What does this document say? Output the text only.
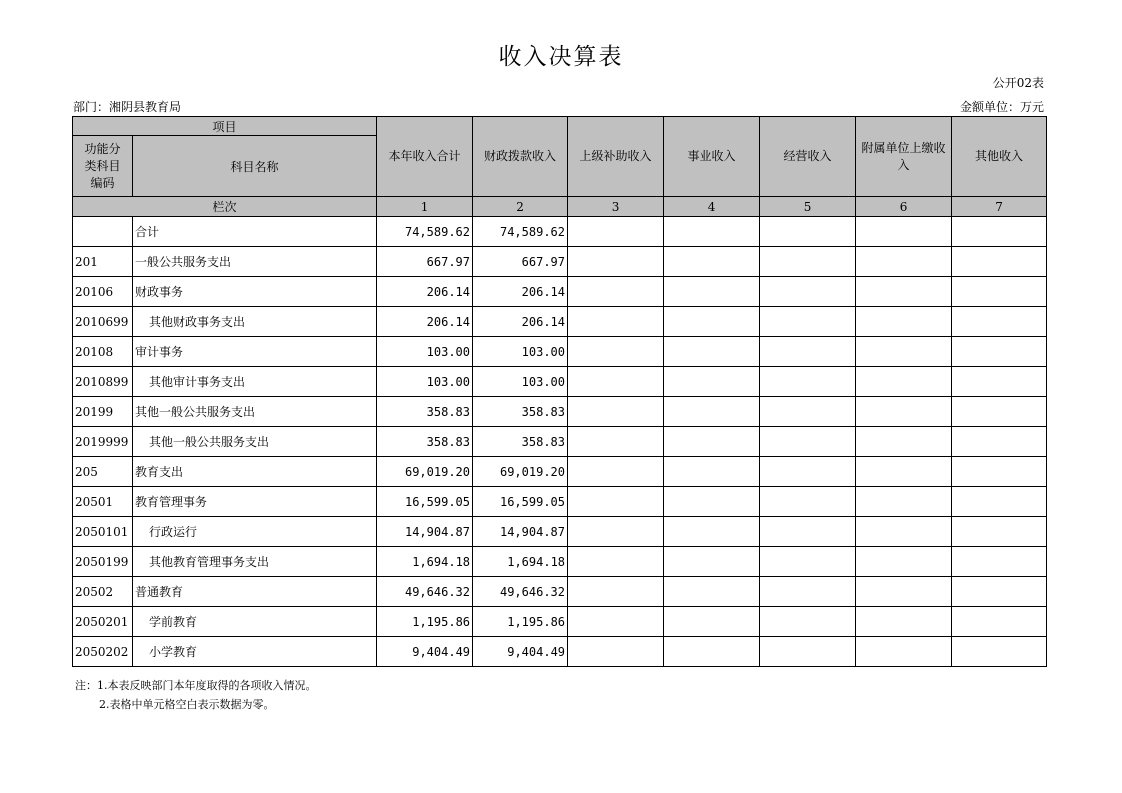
收入决算表
公开02表
部门：湘阴县教育局	金额单位：万元
项目		本年收入合计	财政拨款收入	上级补助收入	事业收入	经营收入	附属单位上缴收入	其他收入
功能分类科目编码	科目名称							
栏次		1	2	3	4	5	6	7
	合计	74,589.62	74,589.62					
201	一般公共服务支出	667.97	667.97					
20106	财政事务	206.14	206.14					
2010699	其他财政事务支出	206.14	206.14					
20108	审计事务	103.00	103.00					
2010899	其他审计事务支出	103.00	103.00					
20199	其他一般公共服务支出	358.83	358.83					
2019999	其他一般公共服务支出	358.83	358.83					
205	教育支出	69,019.20	69,019.20					
20501	教育管理事务	16,599.05	16,599.05					
2050101	行政运行	14,904.87	14,904.87					
2050199	其他教育管理事务支出	1,694.18	1,694.18					
20502	普通教育	49,646.32	49,646.32					
2050201	学前教育	1,195.86	1,195.86					
2050202	小学教育	9,404.49	9,404.49					
注：1.本表反映部门本年度取得的各项收入情况。
2.表格中单元格空白表示数据为零。
